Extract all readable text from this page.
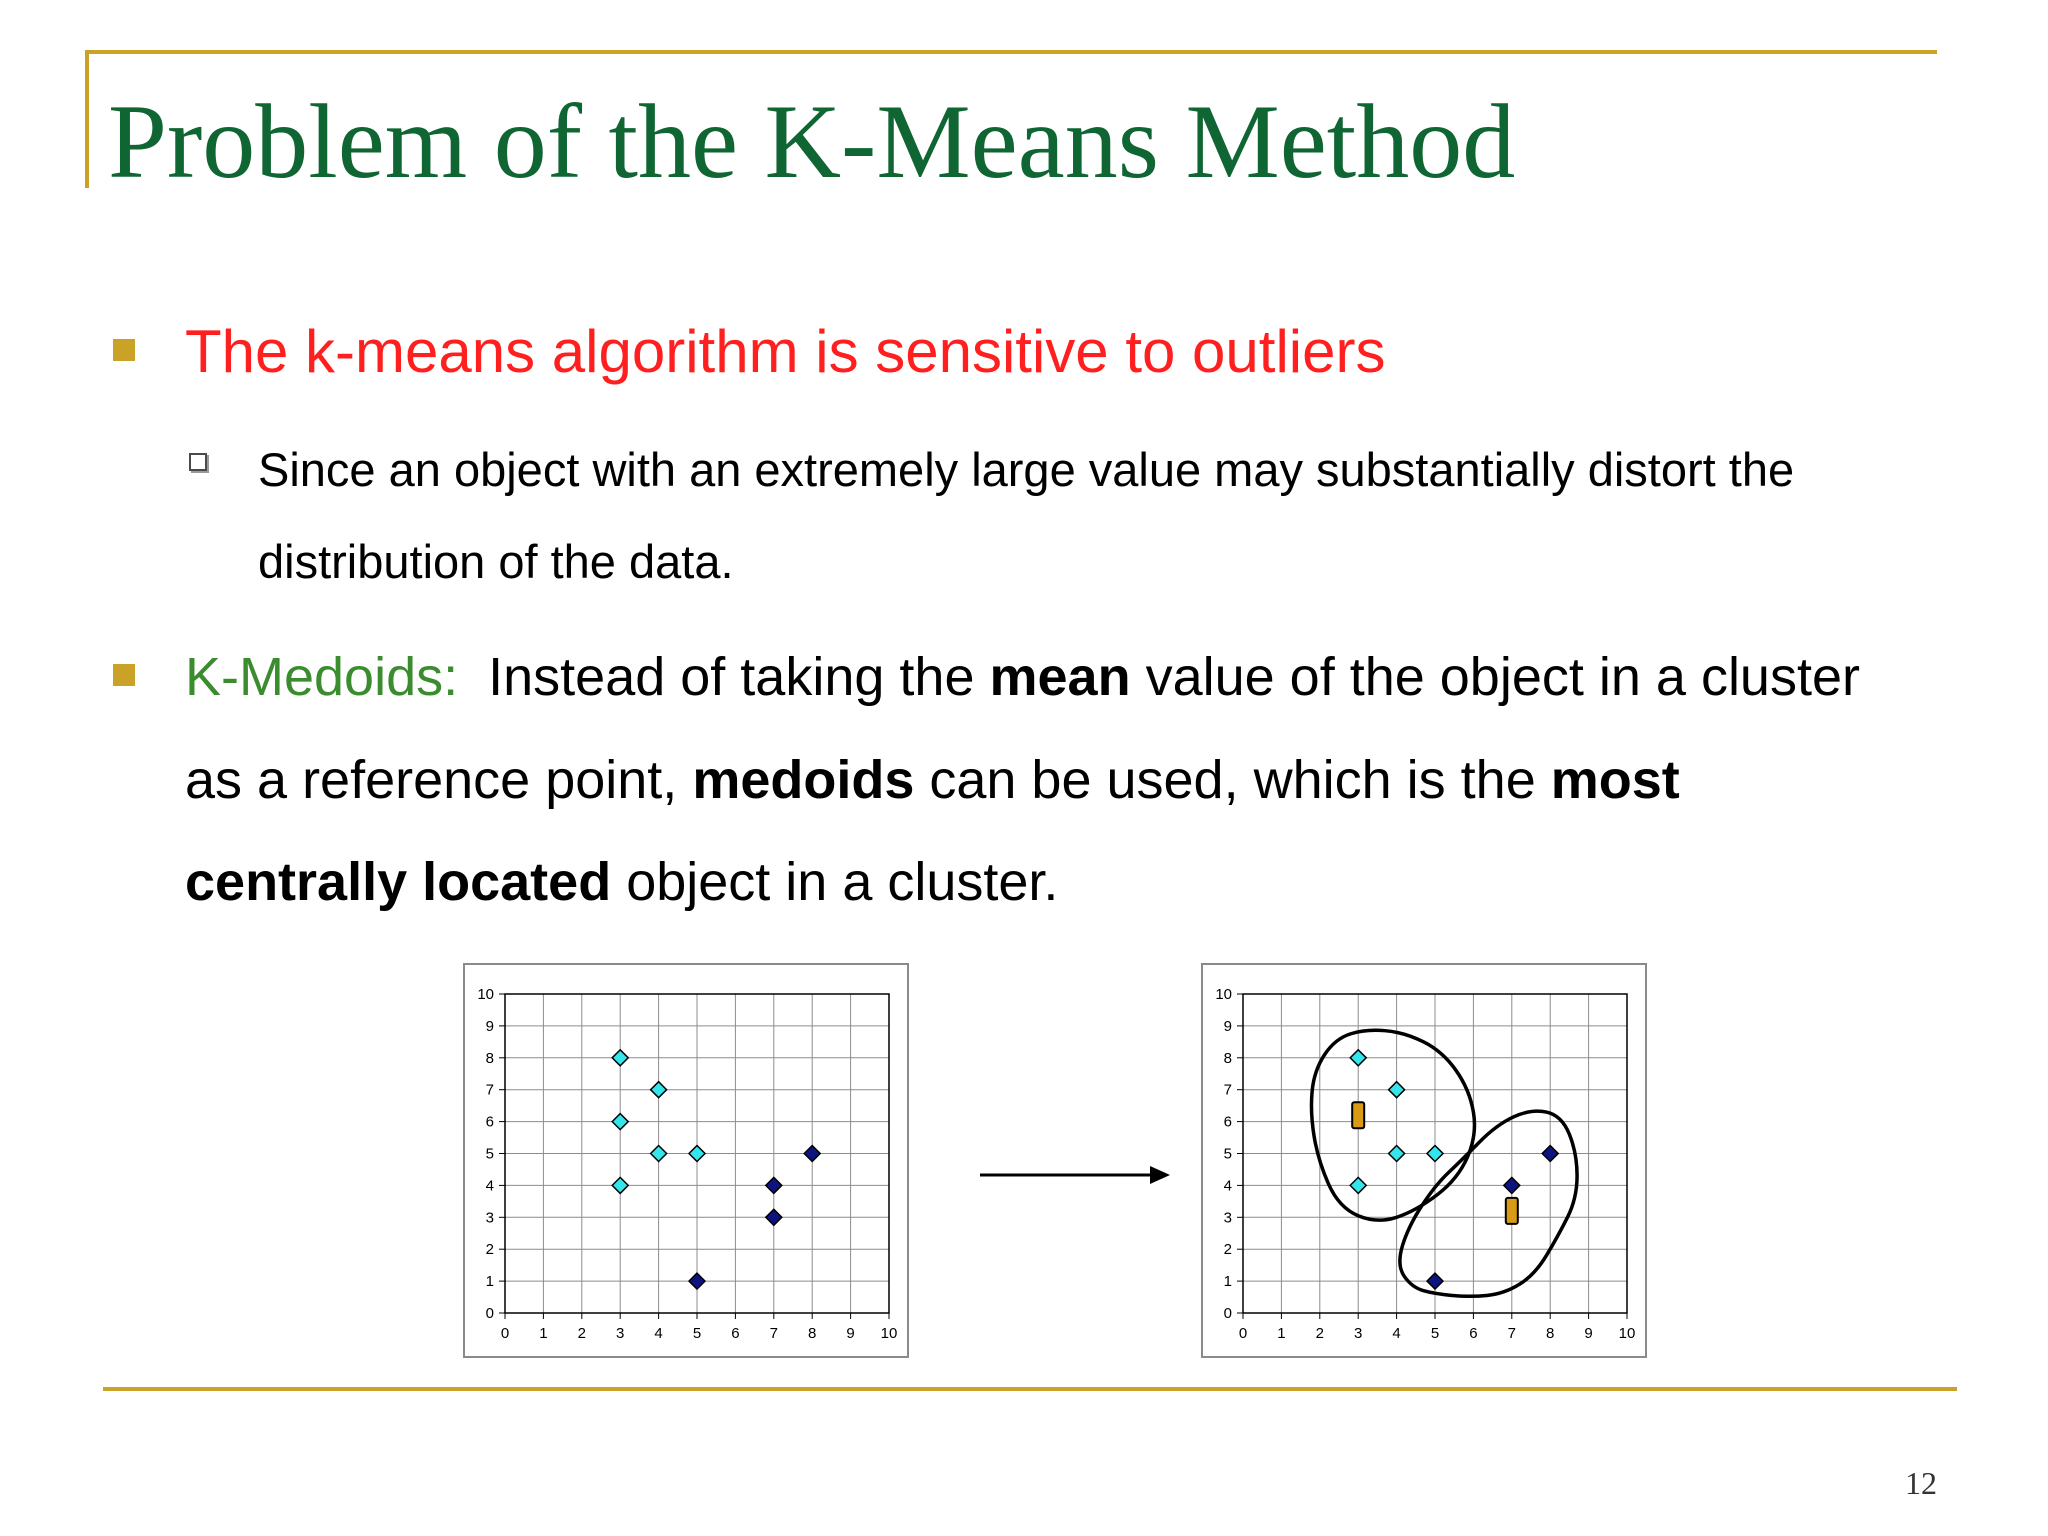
Problem of the K-Means Method
The k-means algorithm is sensitive to outliers
Since an object with an extremely large value may substantially distort the
distribution of the data.
K-Medoids:  Instead of taking the mean value of the object in a cluster
as a reference point, medoids can be used, which is the most
centrally located object in a cluster.
0 1 2 3 4 5 6 7 8 9 10
0
1
2
3
4
5
6
7
8
9
10
0 1 2 3 4 5 6 7 8 9 10
0
1
2
3
4
5
6
7
8
9
10
12
